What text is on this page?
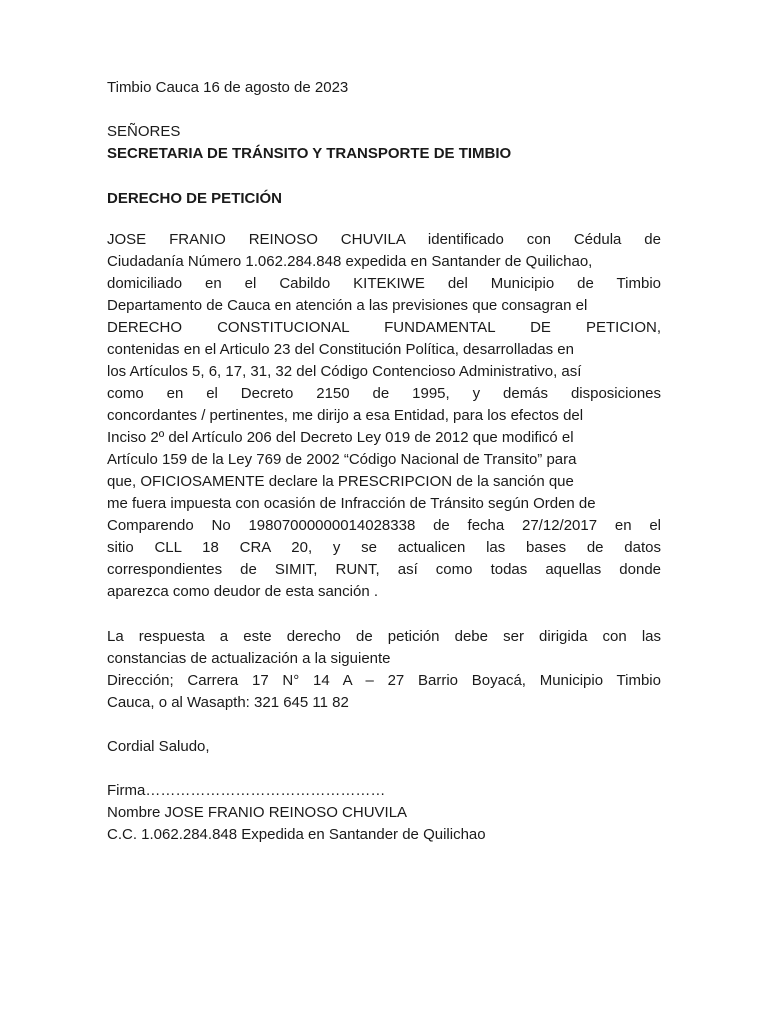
Timbio Cauca 16 de agosto de 2023
SEÑORES
SECRETARIA DE TRÁNSITO Y TRANSPORTE DE TIMBIO
DERECHO DE PETICIÓN
JOSE FRANIO REINOSO CHUVILA identificado con Cédula de
Ciudadanía Número 1.062.284.848 expedida en Santander de Quilichao,
domiciliado en el Cabildo KITEKIWE del Municipio de Timbio
Departamento de Cauca en atención a las previsiones que consagran el
DERECHO CONSTITUCIONAL FUNDAMENTAL DE PETICION,
contenidas en el Articulo 23 del Constitución Política, desarrolladas en
los Artículos 5, 6, 17, 31, 32 del Código Contencioso Administrativo, así
como en el Decreto 2150 de 1995, y demás disposiciones
concordantes / pertinentes, me dirijo a esa Entidad, para los efectos del
Inciso 2º del Artículo 206 del Decreto Ley 019 de 2012 que modificó el
Artículo 159 de la Ley 769 de 2002 “Código Nacional de Transito” para
que, OFICIOSAMENTE declare la PRESCRIPCION de la sanción que
me fuera impuesta con ocasión de Infracción de Tránsito según Orden de
Comparendo No 19807000000014028338 de fecha 27/12/2017 en el
sitio CLL 18 CRA 20, y se actualicen las bases de datos
correspondientes de SIMIT, RUNT, así como todas aquellas donde
aparezca como deudor de esta sanción .
La respuesta a este derecho de petición debe ser dirigida con las
constancias de actualización a la siguiente
Dirección; Carrera 17 N° 14 A – 27 Barrio Boyacá, Municipio Timbio
Cauca, o al Wasapth: 321 645 11 82
Cordial Saludo,
Firma…………………………………………
Nombre JOSE FRANIO REINOSO CHUVILA
C.C. 1.062.284.848 Expedida en Santander de Quilichao
